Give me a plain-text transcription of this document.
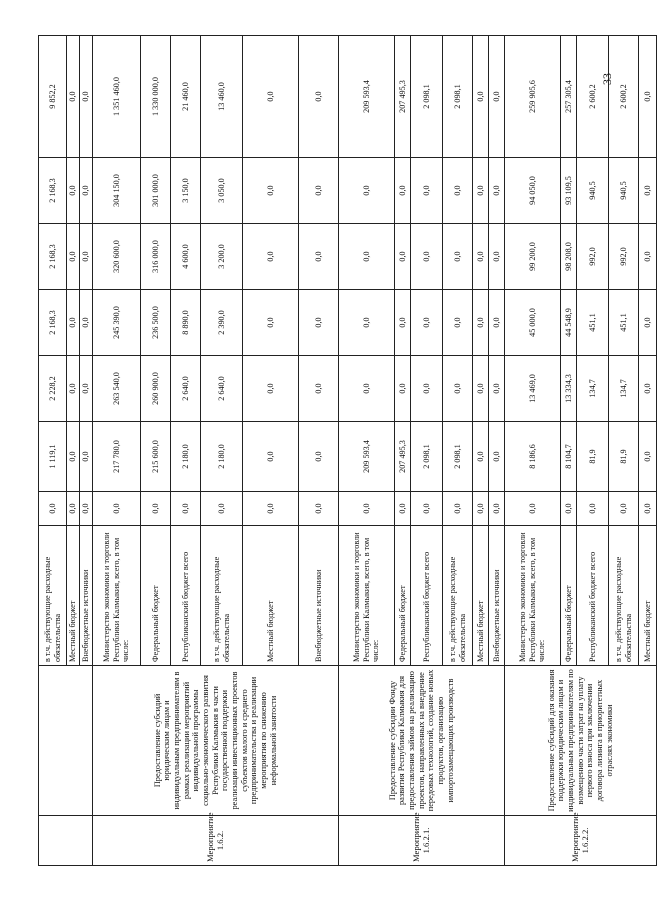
		в т.ч. действующие расходные обязательства	0,0	1 119,1	2 228,2	2 168,3	2 168,3	2 168,3	9 852,2
		Местный бюджет	0,0	0,0	0,0	0,0	0,0	0,0	0,0
		Внебюджетные источники	0,0	0,0	0,0	0,0	0,0	0,0	0,0
Мероприятие 1.6.2.	Предоставление субсидий юридическим лицам и индивидуальным предпринимателям в рамках реализации мероприятий индивидуальной программы социально-экономического развития Республики Калмыкия в части государственной поддержки реализации инвестиционных проектов субъектов малого и среднего предпринимательства и реализации мероприятия по снижению неформальной занятости	Министерство экономики и торговли Республики Калмыкия, всего, в том числе:	0,0	217 780,0	263 540,0	245 390,0	320 600,0	304 150,0	1 351 460,0
		Федеральный бюджет	0,0	215 600,0	260 900,0	236 500,0	316 000,0	301 000,0	1 330 000,0
		Республиканский бюджет всего	0,0	2 180,0	2 640,0	8 890,0	4 600,0	3 150,0	21 460,0
		в т.ч. действующие расходные обязательства	0,0	2 180,0	2 640,0	2 390,0	3 200,0	3 050,0	13 460,0
		Местный бюджет	0,0	0,0	0,0	0,0	0,0	0,0	0,0
		Внебюджетные источники	0,0	0,0	0,0	0,0	0,0	0,0	0,0
Мероприятие 1.6.2.1.	Предоставление субсидии Фонду развития Республики Калмыкия для предоставления займов на реализацию проектов, направленных на внедрение передовых технологий, создание новых продуктов, организацию импортозамещающих производств	Министерство экономики и торговли Республики Калмыкия, всего, в том числе:	0,0	209 593,4	0,0	0,0	0,0	0,0	209 593,4
		Федеральный бюджет	0,0	207 495,3	0,0	0,0	0,0	0,0	207 495,3
		Республиканский бюджет всего	0,0	2 098,1	0,0	0,0	0,0	0,0	2 098,1
		в т.ч. действующие расходные обязательства	0,0	2 098,1	0,0	0,0	0,0	0,0	2 098,1
		Местный бюджет	0,0	0,0	0,0	0,0	0,0	0,0	0,0
		Внебюджетные источники	0,0	0,0	0,0	0,0	0,0	0,0	0,0
Мероприятие 1.6.2.2.	Предоставление субсидий для оказания поддержки юридическим лицам и индивидуальным предпринимателям по возмещению части затрат на уплату первого взноса при заключении договора лизинга в приоритетных отраслях экономики	Министерство экономики и торговли Республики Калмыкия, всего, в том числе:	0,0	8 186,6	13 469,0	45 000,0	99 200,0	94 050,0	259 905,6
		Федеральный бюджет	0,0	8 104,7	13 334,3	44 548,9	98 208,0	93 109,5	257 305,4
		Республиканский бюджет всего	0,0	81,9	134,7	451,1	992,0	940,5	2 600,2
		в т.ч. действующие расходные обязательства	0,0	81,9	134,7	451,1	992,0	940,5	2 600,2
		Местный бюджет	0,0	0,0	0,0	0,0	0,0	0,0	0,0
33
